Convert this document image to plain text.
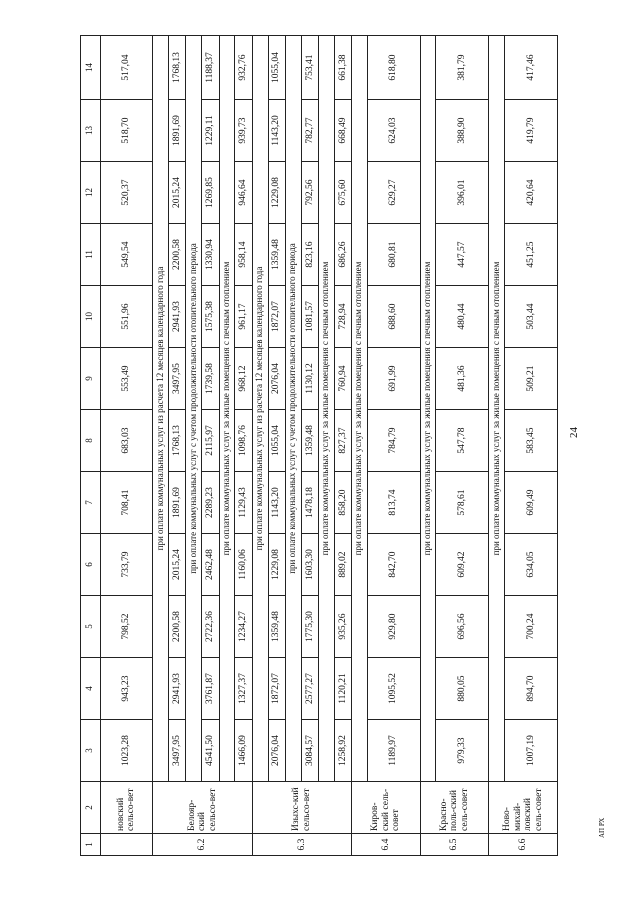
24
АП РХ
1	2	3	4	5	6	7	8	9	10	11	12	13	14
	новский сельсо-вет	1023,28	943,23	798,52	733,79	708,41	683,03	553,49	551,96	549,54	520,37	518,70	517,04
6.2	Белояр-ский сельсо-вет	при оплате коммунальных услуг из расчета 12 месяцев календарного года											
		3497,95	2941,93	2200,58	2015,24	1891,69	1768,13	3497,95	2941,93	2200,58	2015,24	1891,69	1768,13
		при оплате коммунальных услуг с учетом продолжительности отопительного периода											
		4541,50	3761,87	2722,36	2462,48	2289,23	2115,97	1739,58	1575,38	1330,94	1269,85	1229,11	1188,37
		при оплате коммунальных услуг за жилые помещения с печным отоплением											
		1466,09	1327,37	1234,27	1160,06	1129,43	1098,76	968,12	961,17	958,14	946,64	939,73	932,76
6.3	Изыхс-кий сельсо-вет	при оплате коммунальных услуг из расчета 12 месяцев календарного года											
		2076,04	1872,07	1359,48	1229,08	1143,20	1055,04	2076,04	1872,07	1359,48	1229,08	1143,20	1055,04
		при оплате коммунальных услуг с учетом продолжительности отопительного периода											
		3084,57	2577,27	1775,30	1603,30	1478,18	1359,48	1130,12	1081,57	823,16	792,56	782,77	753,41
		при оплате коммунальных услуг за жилые помещения с печным отоплением											
		1258,92	1120,21	935,26	889,02	858,20	827,37	760,94	728,94	686,26	675,60	668,49	661,38
6.4	Киров-ский сель-совет	при оплате коммунальных услуг за жилые помещения с печным отоплением											
		1189,97	1095,52	929,80	842,70	813,74	784,79	691,99	688,60	680,81	629,27	624,03	618,80
6.5	Красно-поль-ский сель-совет	при оплате коммунальных услуг за жилые помещения с печным отоплением											
		979,33	880,05	696,56	609,42	578,61	547,78	481,36	480,44	447,57	396,01	388,90	381,79
6.6	Ново-михай-ловский сель-совет	при оплате коммунальных услуг за жилые помещения с печным отоплением											
		1007,19	894,70	700,24	634,05	609,49	583,45	509,21	503,44	451,25	420,64	419,79	417,46
